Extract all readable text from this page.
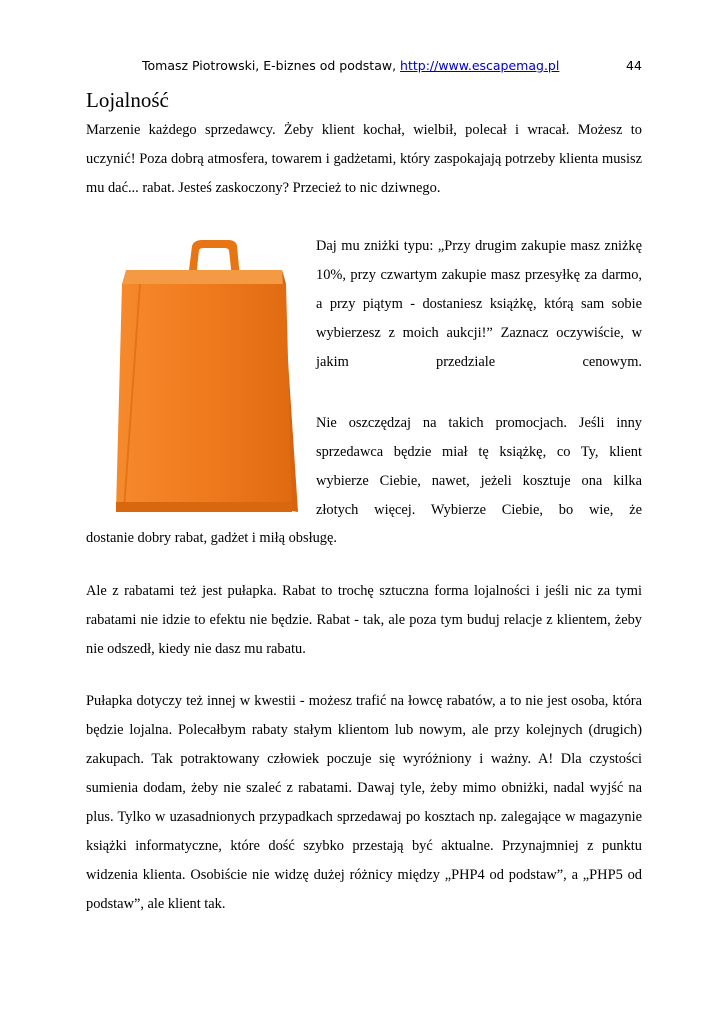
Tomasz Piotrowski, E-biznes od podstaw, http://www.escapemag.pl	44
Lojalność

Marzenie każdego sprzedawcy. Żeby klient kochał, wielbił, polecał i wracał. Możesz to uczynić! Poza dobrą atmosfera, towarem i gadżetami, który zaspokajają potrzeby klienta musisz mu dać... rabat. Jesteś zaskoczony? Przecież to nic dziwnego.

Daj mu zniżki typu: „Przy drugim zakupie masz zniżkę 10%, przy czwartym zakupie masz przesyłkę za darmo, a przy piątym - dostaniesz książkę, którą sam sobie wybierzesz z moich aukcji!” Zaznacz oczywiście, w jakim przedziale cenowym.

Nie oszczędzaj na takich promocjach. Jeśli inny sprzedawca będzie miał tę książkę, co Ty, klient wybierze Ciebie, nawet, jeżeli kosztuje ona kilka złotych więcej. Wybierze Ciebie, bo wie, że

dostanie dobry rabat, gadżet i miłą obsługę.

Ale z rabatami też jest pułapka. Rabat to trochę sztuczna forma lojalności i jeśli nic za tymi rabatami nie idzie to efektu nie będzie. Rabat - tak, ale poza tym buduj relacje z klientem, żeby nie odszedł, kiedy nie dasz mu rabatu.

Pułapka dotyczy też innej w kwestii - możesz trafić na łowcę rabatów, a to nie jest osoba, która będzie lojalna. Polecałbym rabaty stałym klientom lub nowym, ale przy kolejnych (drugich) zakupach. Tak potraktowany człowiek poczuje się wyróżniony i ważny. A! Dla czystości sumienia dodam, żeby nie szaleć z rabatami. Dawaj tyle, żeby mimo obniżki, nadal wyjść na plus. Tylko w uzasadnionych przypadkach sprzedawaj po kosztach np. zalegające w magazynie książki informatyczne, które dość szybko przestają być aktualne. Przynajmniej z punktu widzenia klienta. Osobiście nie widzę dużej różnicy między „PHP4 od podstaw”, a „PHP5 od podstaw”, ale klient tak.
